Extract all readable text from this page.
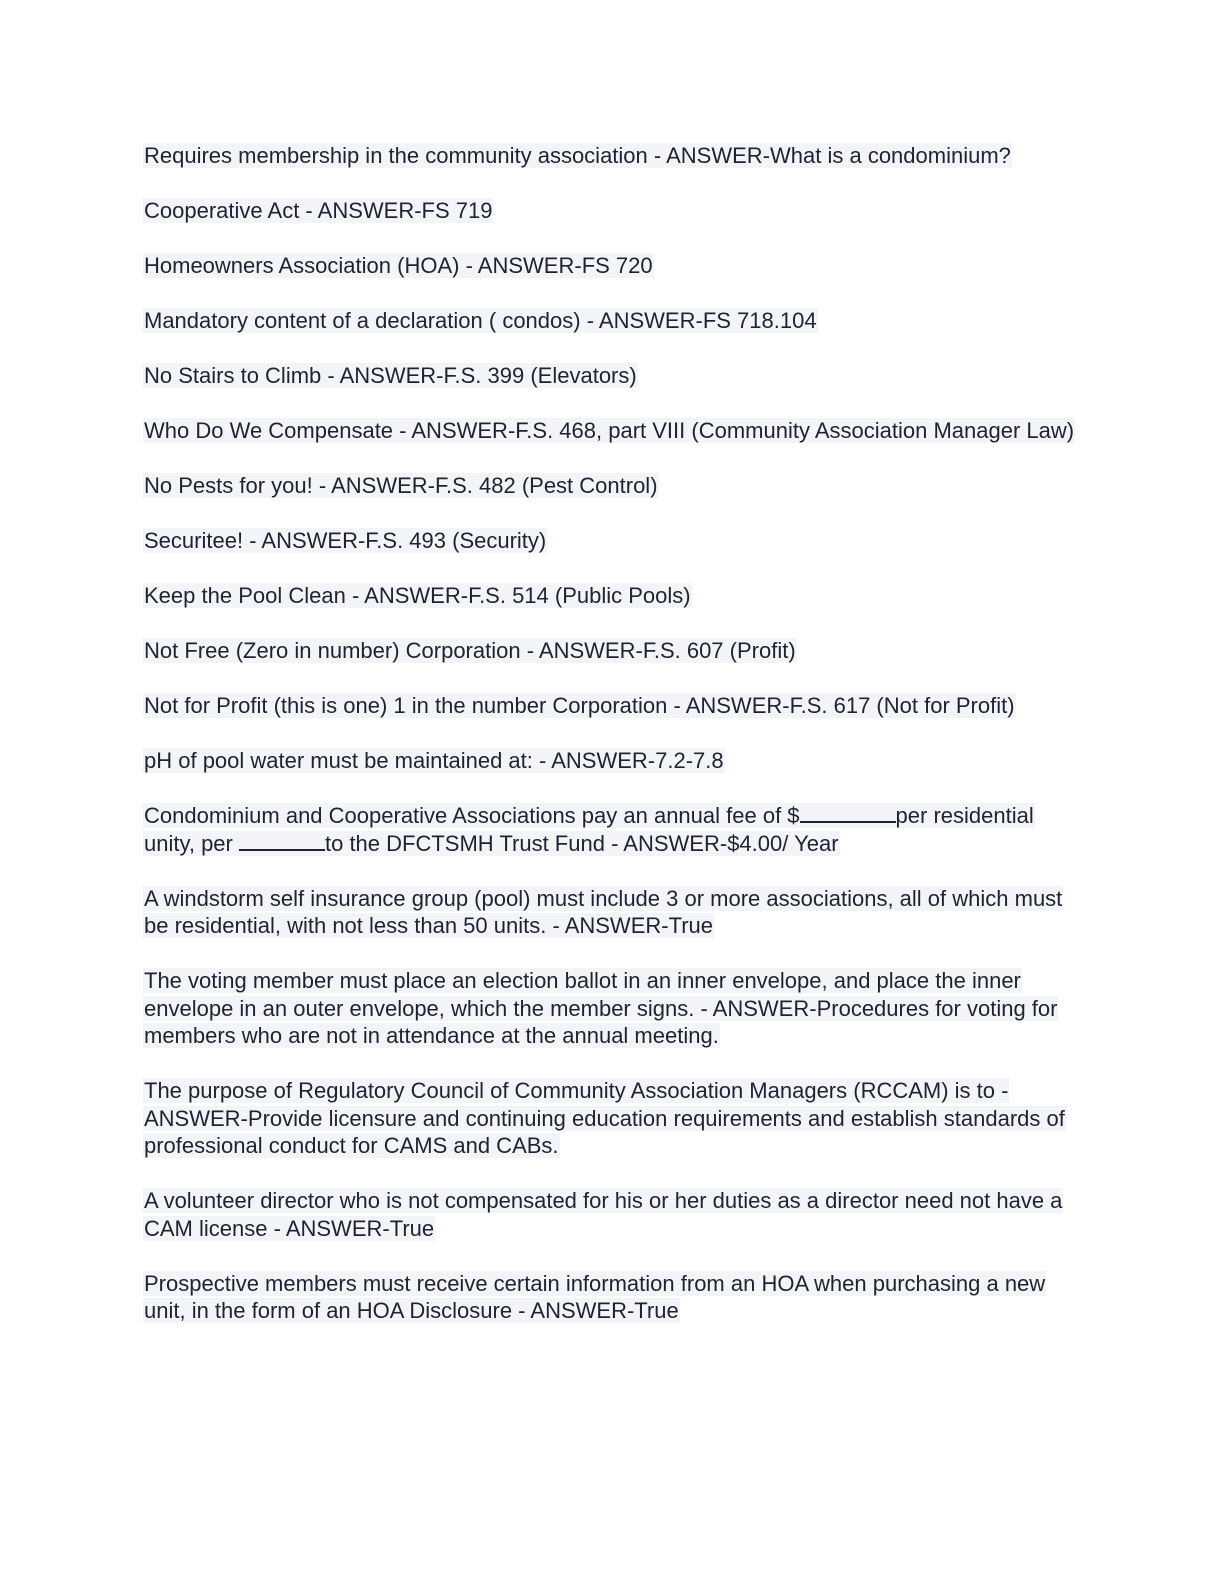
Requires membership in the community association - ANSWER-What is a condominium?

Cooperative Act - ANSWER-FS 719

Homeowners Association (HOA) - ANSWER-FS 720

Mandatory content of a declaration ( condos) - ANSWER-FS 718.104

No Stairs to Climb - ANSWER-F.S. 399 (Elevators)

Who Do We Compensate - ANSWER-F.S. 468, part VIII (Community Association Manager Law)

No Pests for you! - ANSWER-F.S. 482 (Pest Control)

Securitee! - ANSWER-F.S. 493 (Security)

Keep the Pool Clean - ANSWER-F.S. 514 (Public Pools)

Not Free (Zero in number) Corporation - ANSWER-F.S. 607 (Profit)

Not for Profit (this is one) 1 in the number Corporation - ANSWER-F.S. 617 (Not for Profit)

pH of pool water must be maintained at: - ANSWER-7.2-7.8

Condominium and Cooperative Associations pay an annual fee of $	per residential unity, per	to the DFCTSMH Trust Fund - ANSWER-$4.00/ Year

A windstorm self insurance group (pool) must include 3 or more associations, all of which must be residential, with not less than 50 units. - ANSWER-True

The voting member must place an election ballot in an inner envelope, and place the inner envelope in an outer envelope, which the member signs. - ANSWER-Procedures for voting for members who are not in attendance at the annual meeting.

The purpose of Regulatory Council of Community Association Managers (RCCAM) is to - ANSWER-Provide licensure and continuing education requirements and establish standards of professional conduct for CAMS and CABs.

A volunteer director who is not compensated for his or her duties as a director need not have a CAM license - ANSWER-True

Prospective members must receive certain information from an HOA when purchasing a new unit, in the form of an HOA Disclosure - ANSWER-True
